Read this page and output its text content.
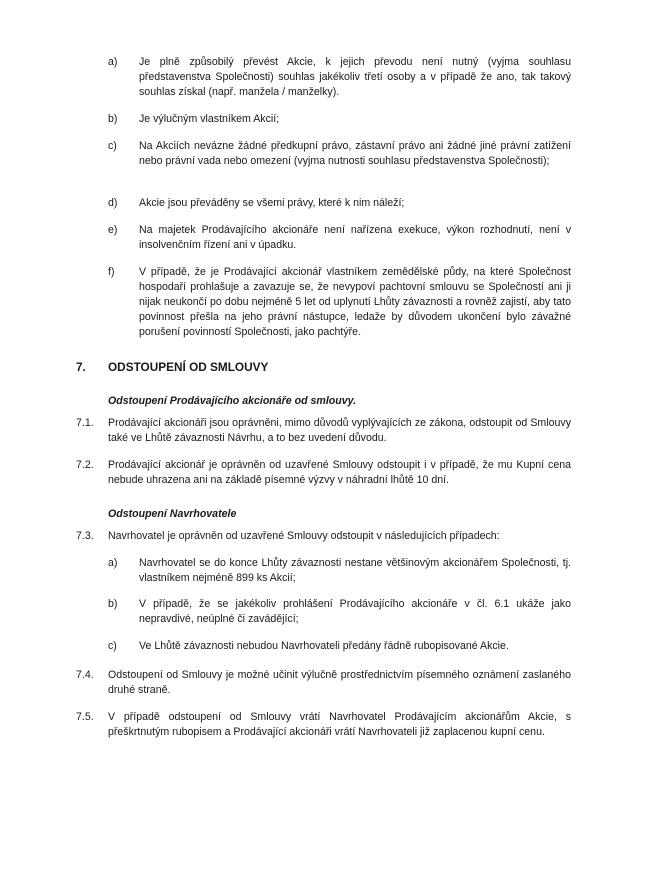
a) Je plně způsobilý převést Akcie, k jejich převodu není nutný (vyjma souhlasu představenstva Společnosti) souhlas jakékoliv třetí osoby a v případě že ano, tak takový souhlas získal (např. manžela / manželky).

b) Je výlučným vlastníkem Akcií;

c) Na Akciích neváznе žádné předkupní právo, zástavní právo ani žádné jiné právní zatížení nebo právní vada nebo omezení (vyjma nutnosti souhlasu představenstva Společnosti);

d) Akcie jsou převáděny se všemi právy, které k nim náleží;

e) Na majetek Prodávajícího akcionáře není nařízena exekuce, výkon rozhodnutí, není v insolvenčním řízení ani v úpadku.

f) V případě, že je Prodávající akcionář vlastníkem zemědělské půdy, na které Společnost hospodaří prohlašuje a zavazuje se, že nevypoví pachtovní smlouvu se Společností ani ji nijak neukončí po dobu nejméně 5 let od uplynutí Lhůty závaznosti a rovněž zajistí, aby tato povinnost přešla na jeho právní nástupce, ledaže by důvodem ukončení bylo závažné porušení povinností Společnosti, jako pachtýře.

7. ODSTOUPENÍ OD SMLOUVY
Odstoupení Prodávajícího akcionáře od smlouvy.
7.1. Prodávající akcionáři jsou oprávněni, mimo důvodů vyplývajících ze zákona, odstoupit od Smlouvy také ve Lhůtě závaznosti Návrhu, a to bez uvedení důvodu.

7.2. Prodávající akcionář je oprávněn od uzavřené Smlouvy odstoupit i v případě, že mu Kupní cena nebude uhrazena ani na základě písemné výzvy v náhradní lhůtě 10 dní.

Odstoupení Navrhovatele
7.3. Navrhovatel je oprávněn od uzavřené Smlouvy odstoupit v následujících případech:

a) Navrhovatel se do konce Lhůty závaznosti nestane většinovým akcionářem Společnosti, tj. vlastníkem nejméně 899 ks Akcií;

b) V případě, že se jakékoliv prohlášení Prodávajícího akcionáře v čl. 6.1 ukáže jako nepravdivé, neúplné či zavádějící;

c) Ve Lhůtě závaznosti nebudou Navrhovateli předány řádně rubopisované Akcie.

7.4. Odstoupení od Smlouvy je možné učinit výlučně prostřednictvím písemného oznámení zaslaného druhé straně.

7.5. V případě odstoupení od Smlouvy vrátí Navrhovatel Prodávajícím akcionářům Akcie, s přeškrtnutým rubopisem a Prodávající akcionáři vrátí Navrhovateli již zaplacenou kupní cenu.
